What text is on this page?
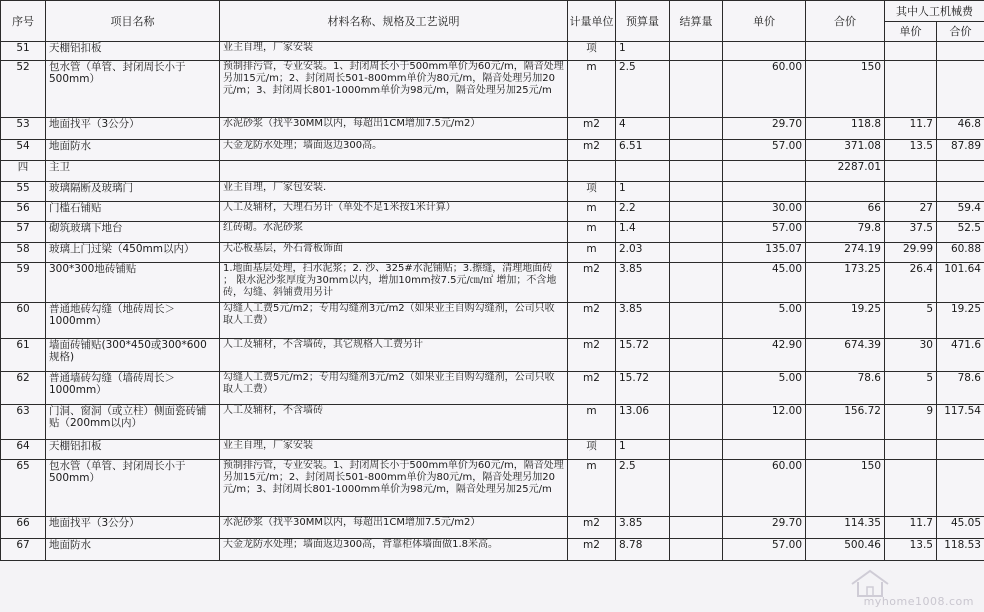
序号	项目名称	材料名称、规格及工艺说明	计量单位	预算量	结算量	单价	合价	其中人工机械费	
								单价	合价
51	天棚铝扣板	业主自理，厂家安装	项	1					
52	包水管（单管、封闭周长小于500mm）	预制排污管，专业安装。1、封闭周长小于500mm单价为60元/m，隔音处理另加15元/m；2、封闭周长501-800mm单价为80元/m，隔音处理另加20元/m；3、封闭周长801-1000mm单价为98元/m，隔音处理另加25元/m	m	2.5		60.00	150		
53	地面找平（3公分）	水泥砂浆（找平30MM以内，每超出1CM增加7.5元/m2）	m2	4		29.70	118.8	11.7	46.8
54	地面防水	大金龙防水处理；墙面返边300高。	m2	6.51		57.00	371.08	13.5	87.89
四	主卫						2287.01		
55	玻璃隔断及玻璃门	业主自理，厂家包安装.	项	1					
56	门槛石铺贴	人工及辅材，大理石另计（单处不足1米按1米计算）	m	2.2		30.00	66	27	59.4
57	砌筑玻璃下地台	红砖砌。水泥砂浆	m	1.4		57.00	79.8	37.5	52.5
58	玻璃上门过梁（450mm以内）	大芯板基层，外石膏板饰面	m	2.03		135.07	274.19	29.99	60.88
59	300*300地砖铺贴	1.地面基层处理，扫水泥浆；2. 沙、325#水泥铺贴；3.擦缝，清理地面砖 ； 限水泥沙浆厚度为30mm以内，增加10mm按7.5元/㎝/㎡ 增加；不含地砖，勾缝、斜铺费用另计	m2	3.85		45.00	173.25	26.4	101.64
60	普通地砖勾缝（地砖周长＞1000mm）	勾缝人工费5元/m2；专用勾缝剂3元/m2（如果业主自购勾缝剂，公司只收取人工费）	m2	3.85		5.00	19.25	5	19.25
61	墙面砖铺贴(300*450或300*600规格)	人工及辅材，不含墙砖，其它规格人工费另计	m2	15.72		42.90	674.39	30	471.6
62	普通墙砖勾缝（墙砖周长＞1000mm）	勾缝人工费5元/m2；专用勾缝剂3元/m2（如果业主自购勾缝剂，公司只收取人工费）	m2	15.72		5.00	78.6	5	78.6
63	门洞、窗洞（或立柱）侧面瓷砖铺贴（200mm以内）	人工及辅材，不含墙砖	m	13.06		12.00	156.72	9	117.54
64	天棚铝扣板	业主自理，厂家安装	项	1					
65	包水管（单管、封闭周长小于500mm）	预制排污管，专业安装。1、封闭周长小于500mm单价为60元/m，隔音处理另加15元/m；2、封闭周长501-800mm单价为80元/m，隔音处理另加20元/m；3、封闭周长801-1000mm单价为98元/m，隔音处理另加25元/m	m	2.5		60.00	150		
66	地面找平（3公分）	水泥砂浆（找平30MM以内，每超出1CM增加7.5元/m2）	m2	3.85		29.70	114.35	11.7	45.05
67	地面防水	大金龙防水处理；墙面返边300高，背靠柜体墙面做1.8米高。	m2	8.78		57.00	500.46	13.5	118.53
myhome1008.com
